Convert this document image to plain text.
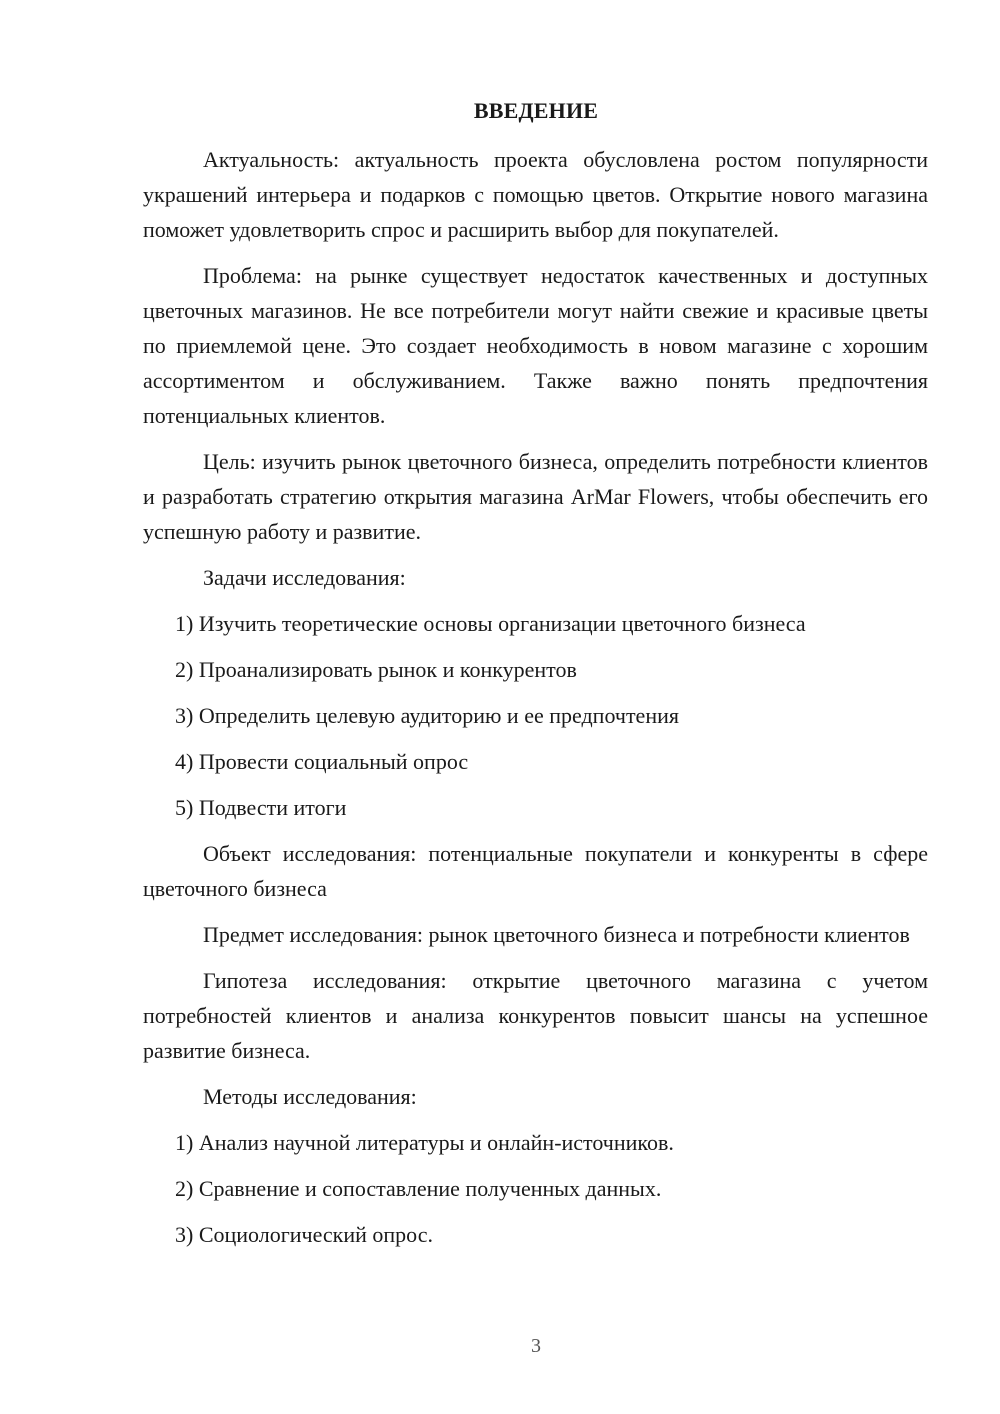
ВВЕДЕНИЕ

Актуальность: актуальность проекта обусловлена ростом популярности украшений интерьера и подарков с помощью цветов. Открытие нового магазина поможет удовлетворить спрос и расширить выбор для покупателей.

Проблема: на рынке существует недостаток качественных и доступных цветочных магазинов. Не все потребители могут найти свежие и красивые цветы по приемлемой цене. Это создает необходимость в новом магазине с хорошим ассортиментом и обслуживанием. Также важно понять предпочтения потенциальных клиентов.

Цель: изучить рынок цветочного бизнеса, определить потребности клиентов и разработать стратегию открытия магазина ArMar Flowers, чтобы обеспечить его успешную работу и развитие.

Задачи исследования:

1) Изучить теоретические основы организации цветочного бизнеса

2) Проанализировать рынок и конкурентов

3) Определить целевую аудиторию и ее предпочтения

4) Провести социальный опрос

5) Подвести итоги

Объект исследования: потенциальные покупатели и конкуренты в сфере цветочного бизнеса

Предмет исследования: рынок цветочного бизнеса и потребности клиентов

Гипотеза исследования: открытие цветочного магазина с учетом потребностей клиентов и анализа конкурентов повысит шансы на успешное развитие бизнеса.

Методы исследования:

1) Анализ научной литературы и онлайн-источников.

2) Сравнение и сопоставление полученных данных.

3) Социологический опрос.

3
